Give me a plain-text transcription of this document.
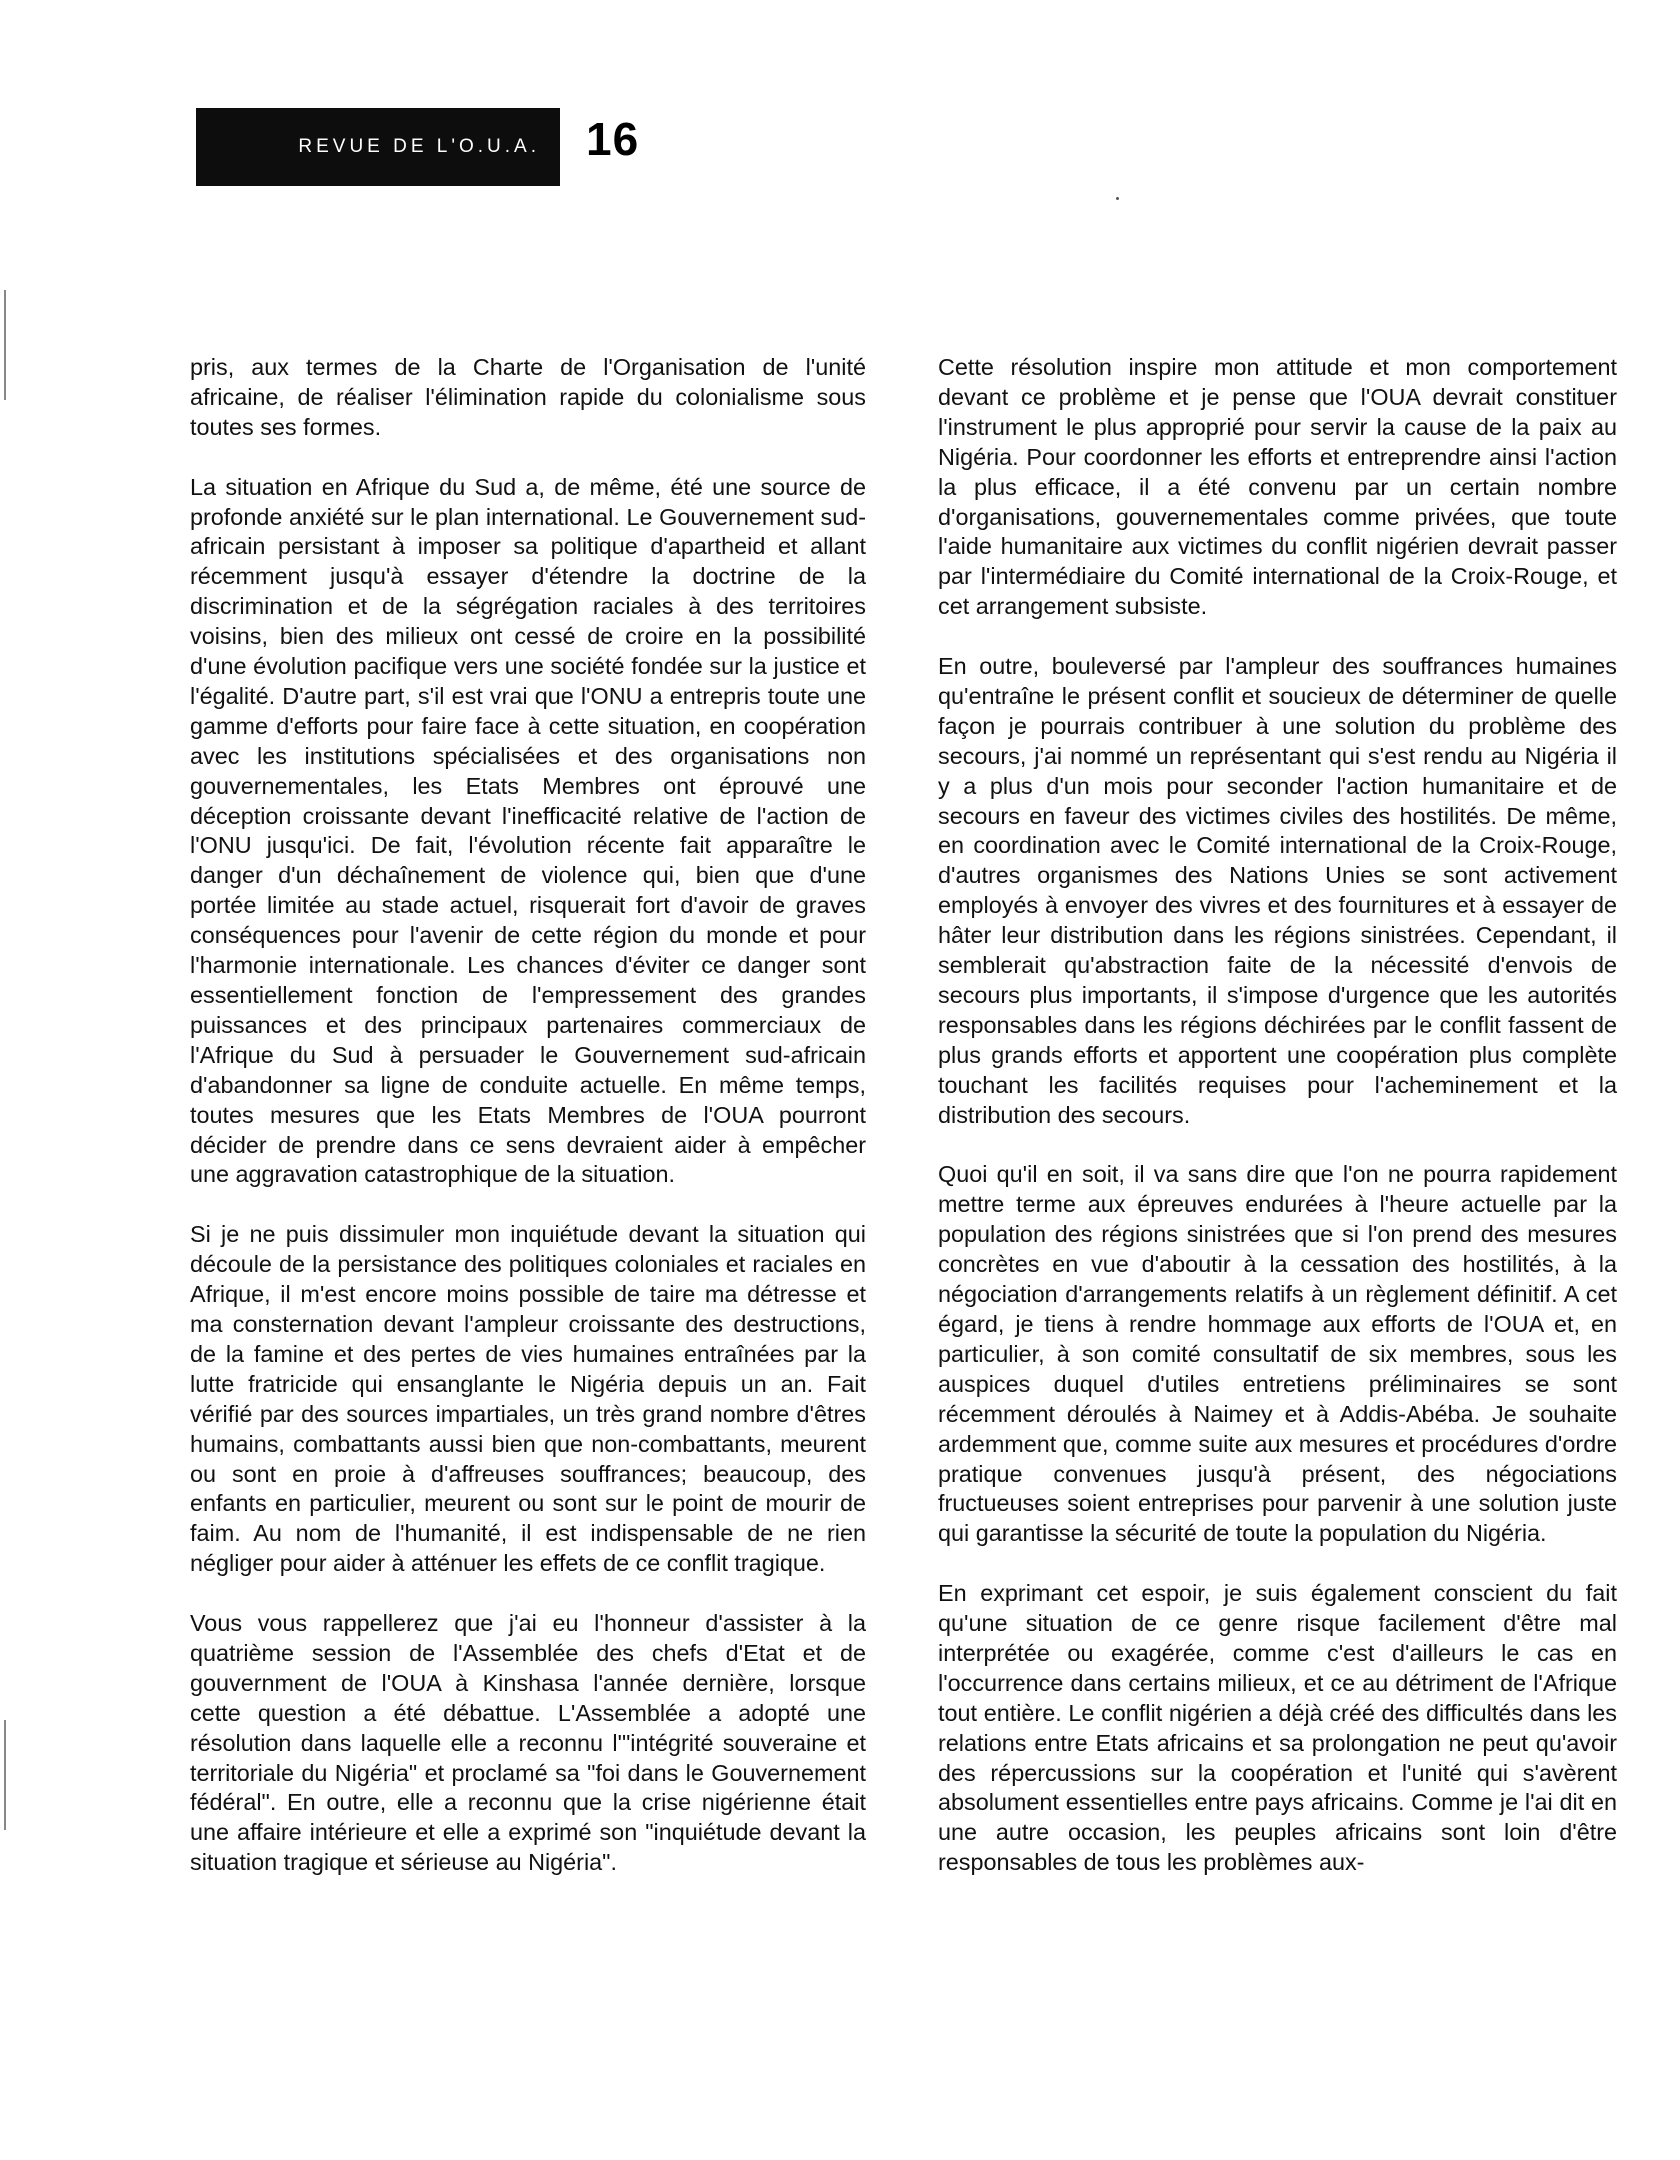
REVUE DE L'O.U.A. 16

pris, aux termes de la Charte de l'Organisation de l'unité africaine, de réaliser l'élimination rapide du colonialisme sous toutes ses formes.

La situation en Afrique du Sud a, de même, été une source de profonde anxiété sur le plan international. Le Gouvernement sud-africain persistant à imposer sa politique d'apartheid et allant récemment jusqu'à essayer d'étendre la doctrine de la discrimination et de la ségrégation raciales à des territoires voisins, bien des milieux ont cessé de croire en la possibilité d'une évolution pacifique vers une société fondée sur la justice et l'égalité. D'autre part, s'il est vrai que l'ONU a entrepris toute une gamme d'efforts pour faire face à cette situation, en coopération avec les institutions spécialisées et des organisations non gouvernementales, les Etats Membres ont éprouvé une déception croissante devant l'inefficacité relative de l'action de l'ONU jusqu'ici. De fait, l'évolution récente fait apparaître le danger d'un déchaînement de violence qui, bien que d'une portée limitée au stade actuel, risquerait fort d'avoir de graves conséquences pour l'avenir de cette région du monde et pour l'harmonie internationale. Les chances d'éviter ce danger sont essentiellement fonction de l'empressement des grandes puissances et des principaux partenaires commerciaux de l'Afrique du Sud à persuader le Gouvernement sud-africain d'abandonner sa ligne de conduite actuelle. En même temps, toutes mesures que les Etats Membres de l'OUA pourront décider de prendre dans ce sens devraient aider à empêcher une aggravation catastrophique de la situation.

Si je ne puis dissimuler mon inquiétude devant la situation qui découle de la persistance des politiques coloniales et raciales en Afrique, il m'est encore moins possible de taire ma détresse et ma consternation devant l'ampleur croissante des destructions, de la famine et des pertes de vies humaines entraînées par la lutte fratricide qui ensanglante le Nigéria depuis un an. Fait vérifié par des sources impartiales, un très grand nombre d'êtres humains, combattants aussi bien que non-combattants, meurent ou sont en proie à d'affreuses souffrances; beaucoup, des enfants en particulier, meurent ou sont sur le point de mourir de faim. Au nom de l'humanité, il est indispensable de ne rien négliger pour aider à atténuer les effets de ce conflit tragique.

Vous vous rappellerez que j'ai eu l'honneur d'assister à la quatrième session de l'Assemblée des chefs d'Etat et de gouvernment de l'OUA à Kinshasa l'année dernière, lorsque cette question a été débattue. L'Assemblée a adopté une résolution dans laquelle elle a reconnu l'"intégrité souveraine et territoriale du Nigéria" et proclamé sa "foi dans le Gouvernement fédéral". En outre, elle a reconnu que la crise nigérienne était une affaire intérieure et elle a exprimé son "inquiétude devant la situation tragique et sérieuse au Nigéria".

Cette résolution inspire mon attitude et mon comportement devant ce problème et je pense que l'OUA devrait constituer l'instrument le plus approprié pour servir la cause de la paix au Nigéria. Pour coordonner les efforts et entreprendre ainsi l'action la plus efficace, il a été convenu par un certain nombre d'organisations, gouvernementales comme privées, que toute l'aide humanitaire aux victimes du conflit nigérien devrait passer par l'intermédiaire du Comité international de la Croix-Rouge, et cet arrangement subsiste.

En outre, bouleversé par l'ampleur des souffrances humaines qu'entraîne le présent conflit et soucieux de déterminer de quelle façon je pourrais contribuer à une solution du problème des secours, j'ai nommé un représentant qui s'est rendu au Nigéria il y a plus d'un mois pour seconder l'action humanitaire et de secours en faveur des victimes civiles des hostilités. De même, en coordination avec le Comité international de la Croix-Rouge, d'autres organismes des Nations Unies se sont activement employés à envoyer des vivres et des fournitures et à essayer de hâter leur distribution dans les régions sinistrées. Cependant, il semblerait qu'abstraction faite de la nécessité d'envois de secours plus importants, il s'impose d'urgence que les autorités responsables dans les régions déchirées par le conflit fassent de plus grands efforts et apportent une coopération plus complète touchant les facilités requises pour l'acheminement et la distribution des secours.

Quoi qu'il en soit, il va sans dire que l'on ne pourra rapidement mettre terme aux épreuves endurées à l'heure actuelle par la population des régions sinistrées que si l'on prend des mesures concrètes en vue d'aboutir à la cessation des hostilités, à la négociation d'arrangements relatifs à un règlement définitif. A cet égard, je tiens à rendre hommage aux efforts de l'OUA et, en particulier, à son comité consultatif de six membres, sous les auspices duquel d'utiles entretiens préliminaires se sont récemment déroulés à Naimey et à Addis-Abéba. Je souhaite ardemment que, comme suite aux mesures et procédures d'ordre pratique convenues jusqu'à présent, des négociations fructueuses soient entreprises pour parvenir à une solution juste qui garantisse la sécurité de toute la population du Nigéria.

En exprimant cet espoir, je suis également conscient du fait qu'une situation de ce genre risque facilement d'être mal interprétée ou exagérée, comme c'est d'ailleurs le cas en l'occurrence dans certains milieux, et ce au détriment de l'Afrique tout entière. Le conflit nigérien a déjà créé des difficultés dans les relations entre Etats africains et sa prolongation ne peut qu'avoir des répercussions sur la coopération et l'unité qui s'avèrent absolument essentielles entre pays africains. Comme je l'ai dit en une autre occasion, les peuples africains sont loin d'être responsables de tous les problèmes aux-
